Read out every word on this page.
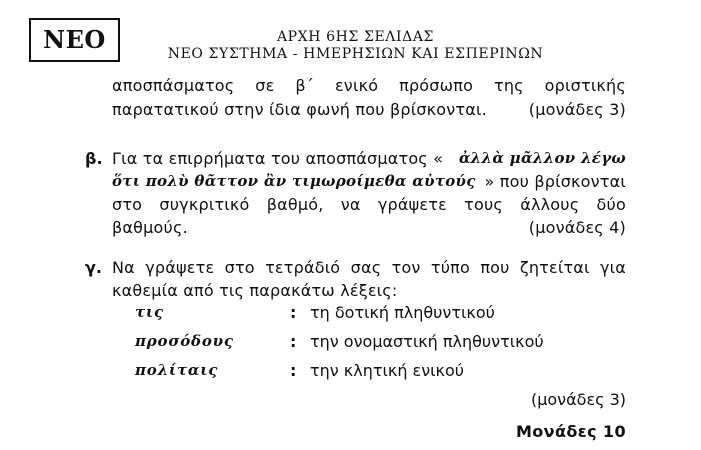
ΝΕΟ	ΑΡΧΗ 6ΗΣ ΣΕΛΙΔΑΣ
ΝΕΟ ΣΥΣΤΗΜΑ - ΗΜΕΡΗΣΙΩΝ ΚΑΙ ΕΣΠΕΡΙΝΩΝ
αποσπάσματος σε β΄ ενικό πρόσωπο της οριστικής
παρατατικού στην ίδια φωνή που βρίσκονται.	(μονάδες 3)
β. Για τα επιρρήματα του αποσπάσματος « ἀλλὰ μᾶλλον λέγω
ὅτι πολὺ θᾶττον ἂν τιμωροίμεθα αὐτούς » που βρίσκονται
στο συγκριτικό βαθμό, να γράψετε τους άλλους δύο
βαθμούς.	(μονάδες 4)
γ. Να γράψετε στο τετράδιό σας τον τύπο που ζητείται για
καθεμία από τις παρακάτω λέξεις:
τις	: τη δοτική πληθυντικού
προσόδους	: την ονομαστική πληθυντικού
πολίταις	: την κλητική ενικού
(μονάδες 3)
Μονάδες 10
